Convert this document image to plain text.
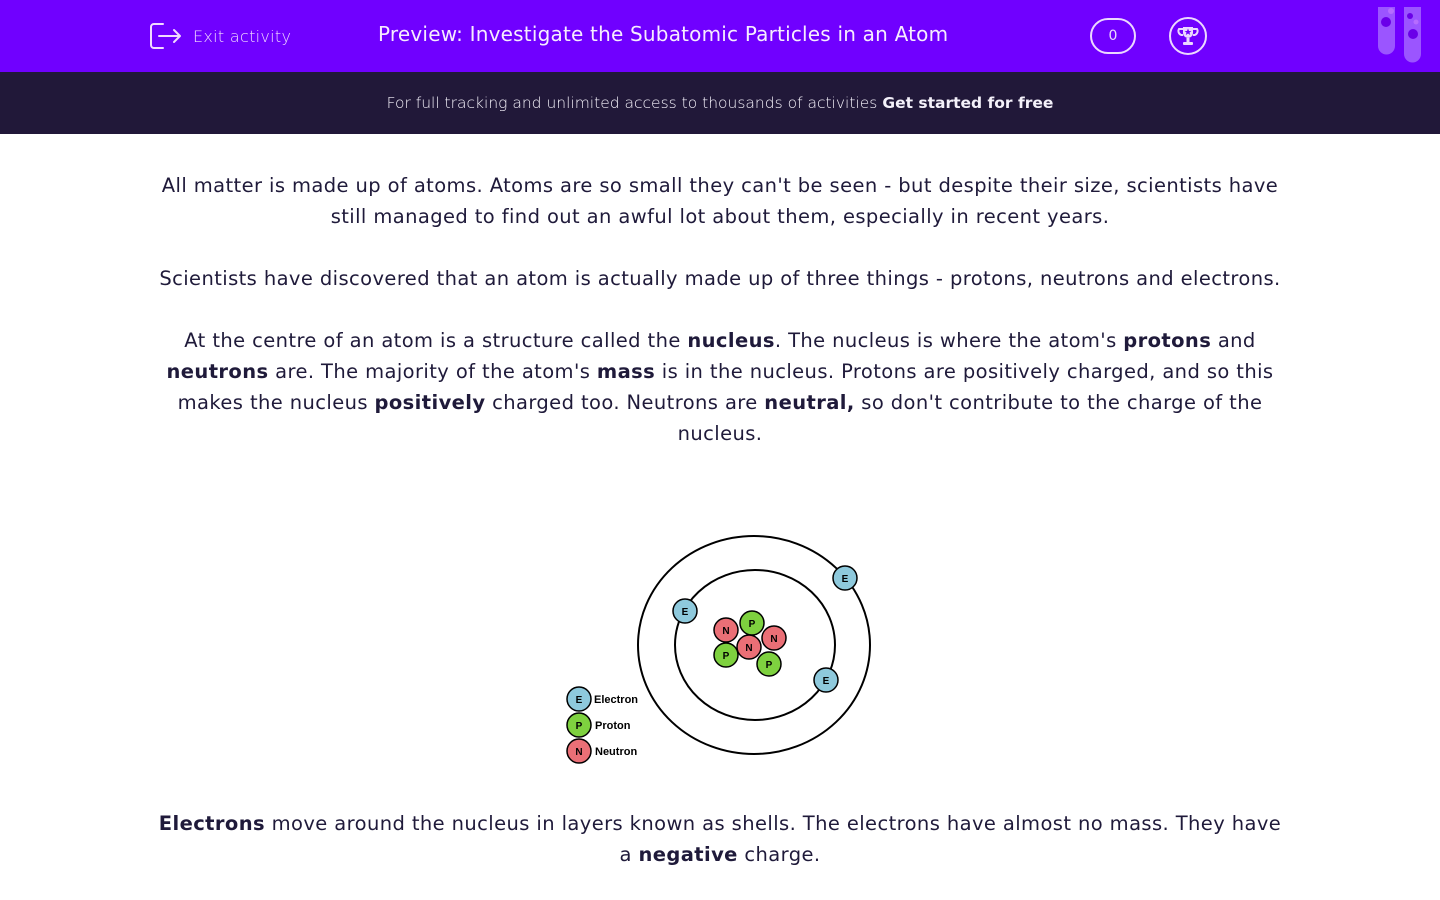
Exit activity	Preview: Investigate the Subatomic Particles in an Atom	0
For full tracking and unlimited access to thousands of activities Get started for free

All matter is made up of atoms. Atoms are so small they can't be seen - but despite their size, scientists have still managed to find out an awful lot about them, especially in recent years.

Scientists have discovered that an atom is actually made up of three things - protons, neutrons and electrons.

At the centre of an atom is a structure called the nucleus. The nucleus is where the atom's protons and
neutrons are. The majority of the atom's mass is in the nucleus. Protons are positively charged, and so this makes the nucleus positively charged too. Neutrons are neutral, so don't contribute to the charge of the nucleus.

N
P
N
P
N
P
E
E
E
E
P
N
Electron
Proton
Neutron
Electrons move around the nucleus in layers known as shells. The electrons have almost no mass. They have a negative charge.
